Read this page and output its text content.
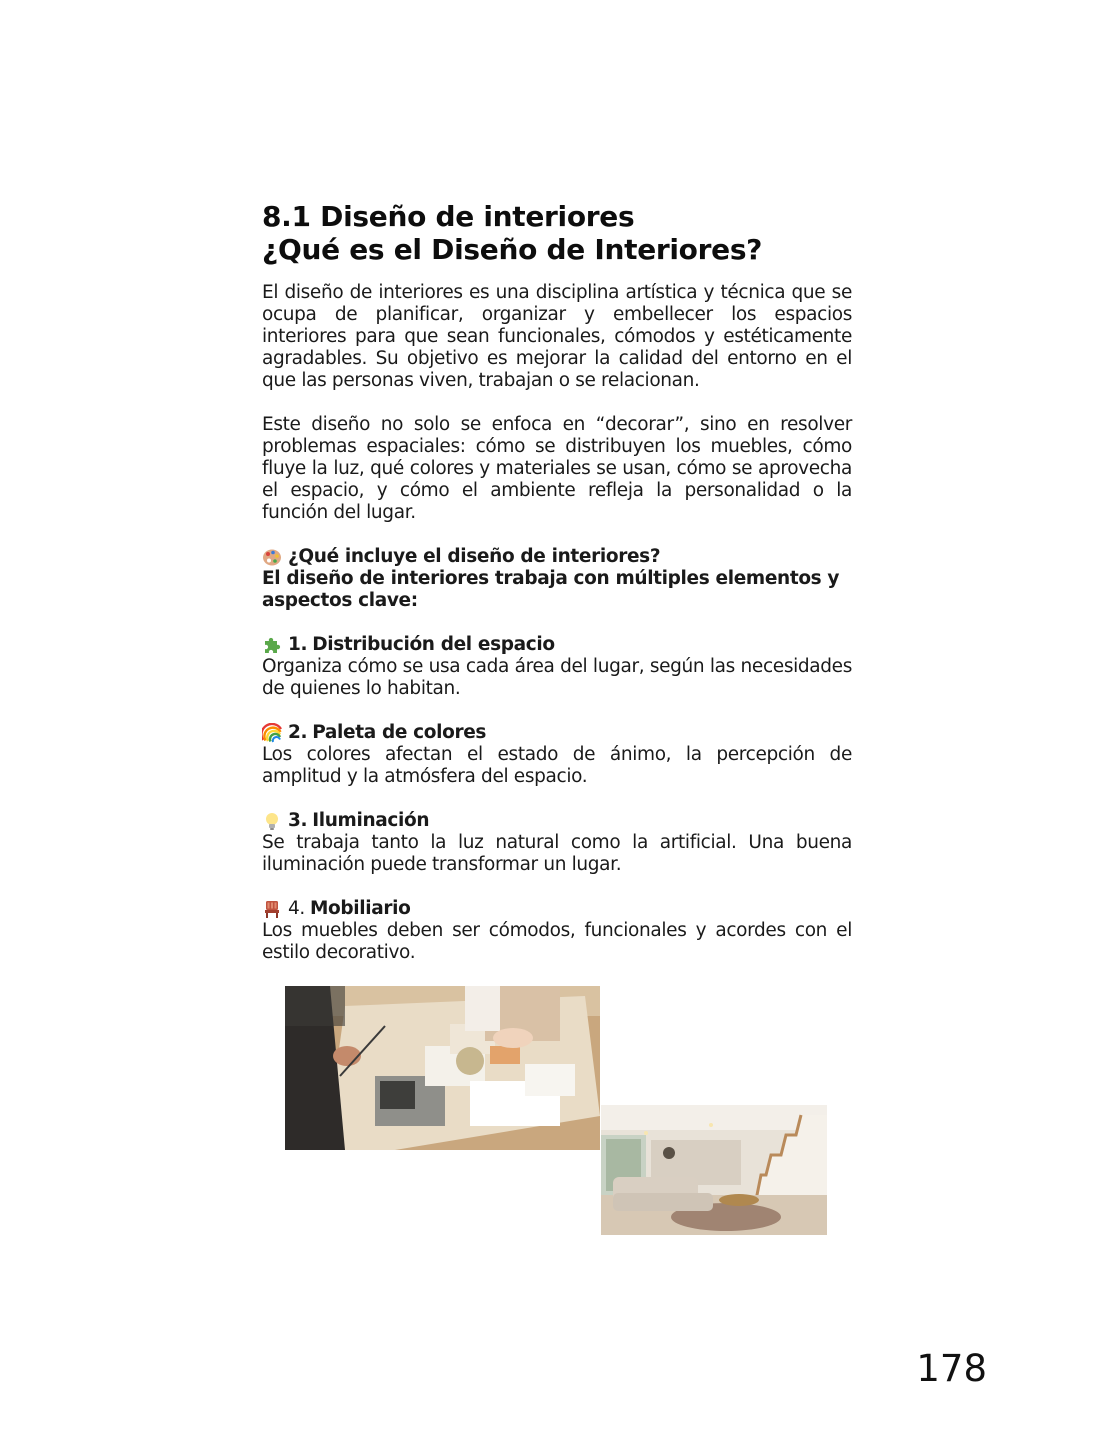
8.1 Diseño de interiores
¿Qué es el Diseño de Interiores?

El diseño de interiores es una disciplina artística y técnica que se ocupa de planificar, organizar y embellecer los espacios interiores para que sean funcionales, cómodos y estéticamente agradables. Su objetivo es mejorar la calidad del entorno en el que las personas viven, trabajan o se relacionan.

Este diseño no solo se enfoca en “decorar”, sino en resolver problemas espaciales: cómo se distribuyen los muebles, cómo fluye la luz, qué colores y materiales se usan, cómo se aprovecha el espacio, y cómo el ambiente refleja la personalidad o la función del lugar.

¿Qué incluye el diseño de interiores?

El diseño de interiores trabaja con múltiples elementos y aspectos clave:

1. Distribución del espacio

Organiza cómo se usa cada área del lugar, según las necesidades de quienes lo habitan.

2. Paleta de colores

Los colores afectan el estado de ánimo, la percepción de amplitud y la atmósfera del espacio.

3. Iluminación

Se trabaja tanto la luz natural como la artificial. Una buena iluminación puede transformar un lugar.

4. Mobiliario

Los muebles deben ser cómodos, funcionales y acordes con el estilo decorativo.

178
